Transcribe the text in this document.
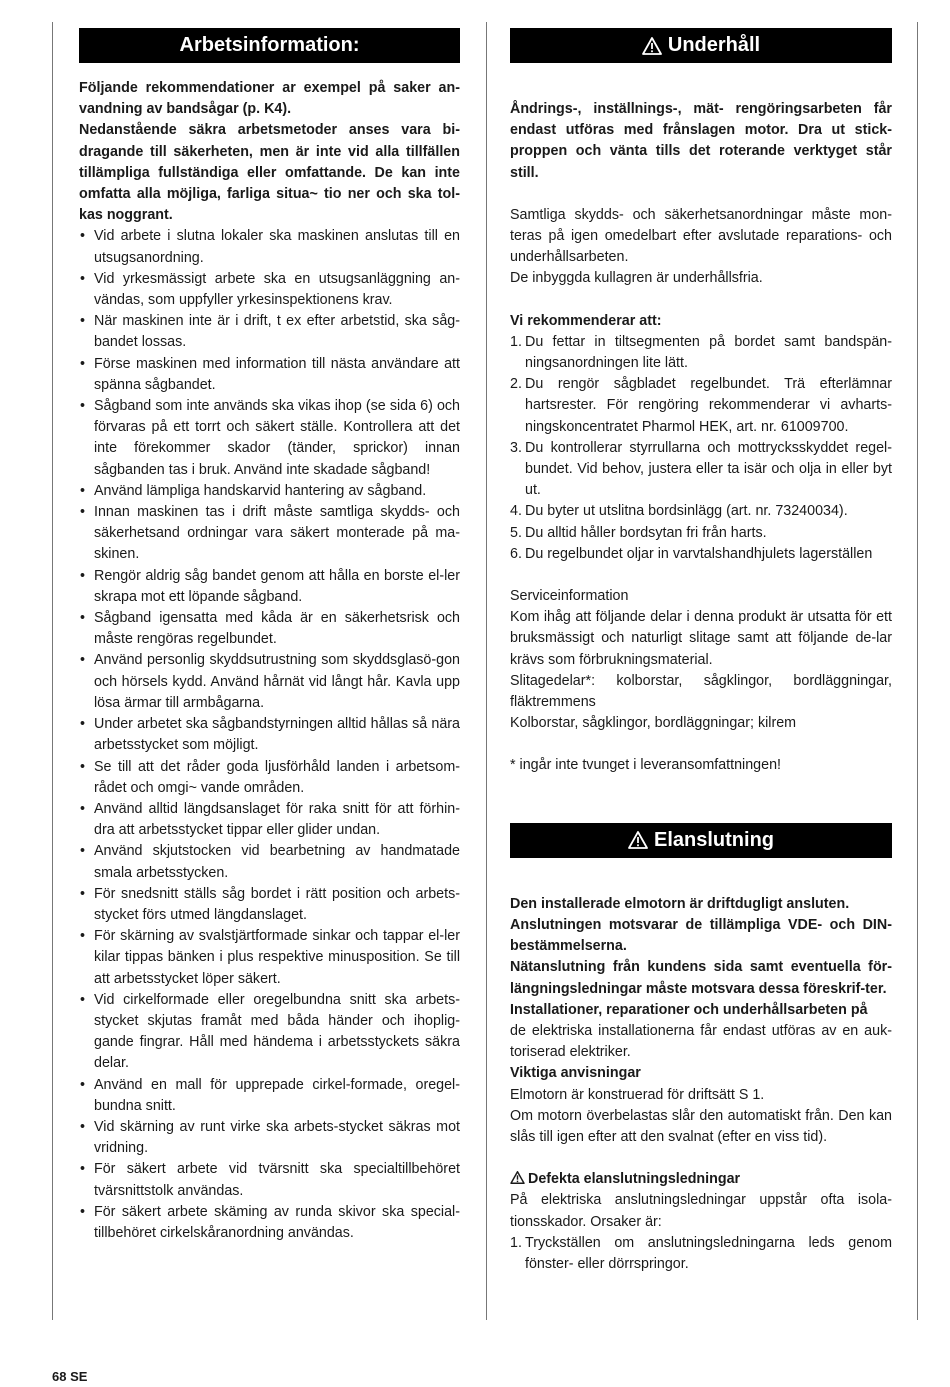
Arbetsinformation:

Följande rekommendationer ar exempel på saker an-vandning av bandsågar (p. K4).

Nedanstående säkra arbetsmetoder anses vara bi-dragande till säkerheten, men är inte vid alla tillfällen tillämpliga fullständiga eller omfattande. De kan inte omfatta alla möjliga, farliga situa~ tio ner och ska tol-kas noggrant.

• Vid arbete i slutna lokaler ska maskinen anslutas till en utsugsanordning.
• Vid yrkesmässigt arbete ska en utsugsanläggning an-vändas, som uppfyller yrkesinspektionens krav.
• När maskinen inte är i drift, t ex efter arbetstid, ska såg-bandet lossas.
• Förse maskinen med information till nästa användare att spänna sågbandet.
• Sågband som inte används ska vikas ihop (se sida 6) och förvaras på ett torrt och säkert ställe. Kontrollera att det inte förekommer skador (tänder, sprickor) innan sågbanden tas i bruk. Använd inte skadade sågband!
• Använd lämpliga handskarvid hantering av sågband.
• Innan maskinen tas i drift måste samtliga skydds- och säkerhetsand ordningar vara säkert monterade på ma-skinen.
• Rengör aldrig såg bandet genom att hålla en borste el-ler skrapa mot ett löpande sågband.
• Sågband igensatta med kåda är en säkerhetsrisk och måste rengöras regelbundet.
• Använd personlig skyddsutrustning som skyddsglasö-gon och hörsels kydd. Använd hårnät vid långt hår. Kavla upp lösa ärmar till armbågarna.
• Under arbetet ska sågbandstyrningen alltid hållas så nära arbetsstycket som möjligt.
• Se till att det råder goda ljusförhåld landen i arbetsom-rådet och omgi~ vande områden.
• Använd alltid längdsanslaget för raka snitt för att förhin-dra att arbetsstycket tippar eller glider undan.
• Använd skjutstocken vid bearbetning av handmatade smala arbetsstycken.
• För snedsnitt ställs såg bordet i rätt position och arbets-stycket förs utmed längdanslaget.
• För skärning av svalstjärtformade sinkar och tappar el-ler kilar tippas bänken i plus respektive minusposition. Se till att arbetsstycket löper säkert.
• Vid cirkelformade eller oregelbundna snitt ska arbets-stycket skjutas framåt med båda händer och ihoplig-gande fingrar. Håll med händema i arbetsstyckets säkra delar.
• Använd en mall för upprepade cirkel-formade, oregel-bundna snitt.
• Vid skärning av runt virke ska arbets-stycket säkras mot vridning.
• För säkert arbete vid tvärsnitt ska specialtillbehöret tvärsnittstolk användas.
• För säkert arbete skäming av runda skivor ska special-tillbehöret cirkelskåranordning användas.
Underhåll

Åndrings-, inställnings-, mät- rengöringsarbeten får endast utföras med frånslagen motor. Dra ut stick-proppen och vänta tills det roterande verktyget står still.

Samtliga skydds- och säkerhetsanordningar måste mon-teras på igen omedelbart efter avslutade reparations- och underhållsarbeten.

De inbyggda kullagren är underhållsfria.

Vi rekommenderar att:

1. Du fettar in tiltsegmenten på bordet samt bandspän-ningsanordningen lite lätt.
2. Du rengör sågbladet regelbundet. Trä efterlämnar hartsrester. För rengöring rekommenderar vi avharts-ningskoncentratet Pharmol HEK, art. nr. 61009700.
3. Du kontrollerar styrrullarna och mottrycksskyddet regel-bundet. Vid behov, justera eller ta isär och olja in eller byt ut.
4. Du byter ut utslitna bordsinlägg (art. nr. 73240034).
5. Du alltid håller bordsytan fri från harts.
6. Du regelbundet oljar in varvtalshandhjulets lagerställen

Serviceinformation

Kom ihåg att följande delar i denna produkt är utsatta för ett bruksmässigt och naturligt slitage samt att följande de-lar krävs som förbrukningsmaterial.

Slitagedelar*: kolborstar, sågklingor, bordläggningar, fläktremmens

Kolborstar, sågklingor, bordläggningar; kilrem

* ingår inte tvunget i leveransomfattningen!

Elanslutning

Den installerade elmotorn är driftdugligt ansluten.

Anslutningen motsvarar de tillämpliga VDE- och DIN-bestämmelserna.

Nätanslutning från kundens sida samt eventuella för-längningsledningar måste motsvara dessa föreskrif-ter.

Installationer, reparationer och underhållsarbeten på

de elektriska installationerna får endast utföras av en auk-toriserad elektriker.

Viktiga anvisningar

Elmotorn är konstruerad för driftsätt S 1.

Om motorn överbelastas slår den automatiskt från. Den kan slås till igen efter att den svalnat (efter en viss tid).

Defekta elanslutningsledningar

På elektriska anslutningsledningar uppstår ofta isola-tionsskador. Orsaker är:

1. Tryckställen om anslutningsledningarna leds genom fönster- eller dörrspringor.
68 SE
